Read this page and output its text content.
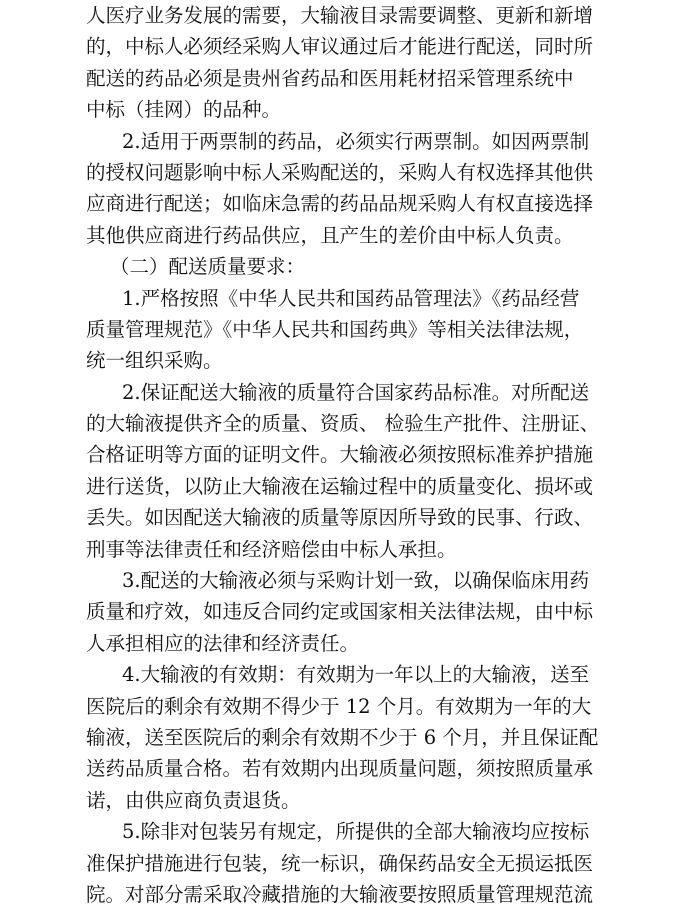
人医疗业务发展的需要，大输液目录需要调整、更新和新增
的，中标人必须经采购人审议通过后才能进行配送，同时所
配送的药品必须是贵州省药品和医用耗材招采管理系统中
中标（挂网）的品种。
2.适用于两票制的药品，必须实行两票制。如因两票制
的授权问题影响中标人采购配送的，采购人有权选择其他供
应商进行配送；如临床急需的药品品规采购人有权直接选择
其他供应商进行药品供应，且产生的差价由中标人负责。
（二）配送质量要求：
1.严格按照《中华人民共和国药品管理法》《药品经营
质量管理规范》《中华人民共和国药典》等相关法律法规，
统一组织采购。
2.保证配送大输液的质量符合国家药品标准。对所配送
的大输液提供齐全的质量、资质、 检验生产批件、注册证、
合格证明等方面的证明文件。大输液必须按照标准养护措施
进行送货，以防止大输液在运输过程中的质量变化、损坏或
丢失。如因配送大输液的质量等原因所导致的民事、行政、
刑事等法律责任和经济赔偿由中标人承担。
3.配送的大输液必须与采购计划一致，以确保临床用药
质量和疗效，如违反合同约定或国家相关法律法规，由中标
人承担相应的法律和经济责任。
4.大输液的有效期：有效期为一年以上的大输液，送至
医院后的剩余有效期不得少于 12 个月。有效期为一年的大
输液，送至医院后的剩余有效期不少于 6 个月，并且保证配
送药品质量合格。若有效期内出现质量问题，须按照质量承
诺，由供应商负责退货。
5.除非对包装另有规定，所提供的全部大输液均应按标
准保护措施进行包装，统一标识，确保药品安全无损运抵医
院。对部分需采取冷藏措施的大输液要按照质量管理规范流
